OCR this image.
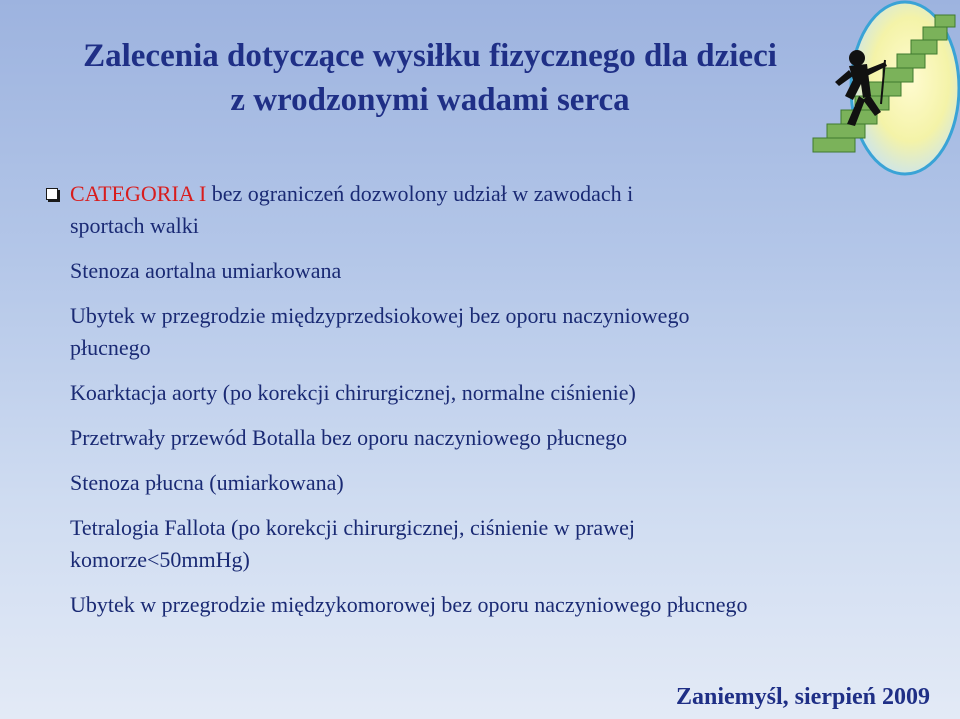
Zalecenia dotyczące wysiłku fizycznego dla dzieci
z wrodzonymi wadami serca
CATEGORIA I bez ograniczeń dozwolony udział w zawodach i
sportach walki
Stenoza aortalna umiarkowana
Ubytek w przegrodzie międzyprzedsiokowej bez oporu naczyniowego
płucnego
Koarktacja aorty (po korekcji chirurgicznej, normalne ciśnienie)
Przetrwały przewód Botalla bez oporu naczyniowego płucnego
Stenoza płucna (umiarkowana)
Tetralogia Fallota (po korekcji chirurgicznej, ciśnienie w prawej
komorze<50mmHg)
Ubytek w przegrodzie międzykomorowej bez oporu naczyniowego płucnego
Zaniemyśl, sierpień 2009
